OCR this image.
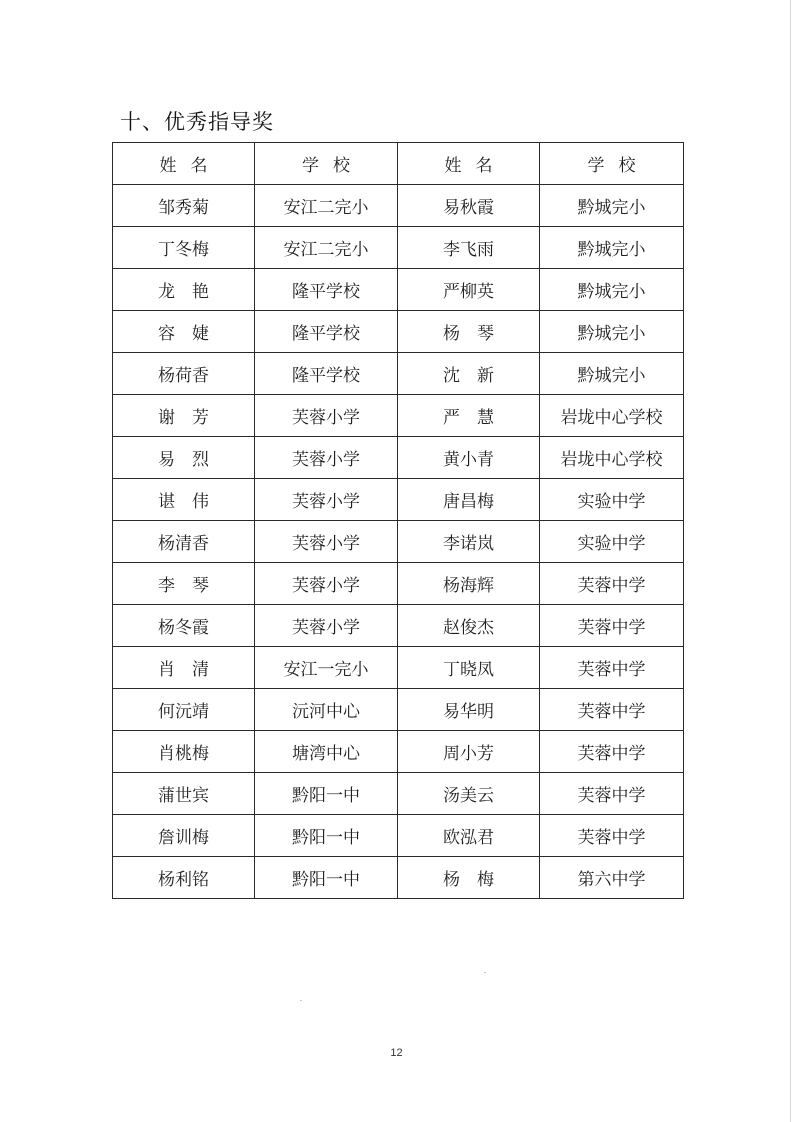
十、优秀指导奖
姓名	学校	姓名	学校
邹秀菊	安江二完小	易秋霞	黔城完小
丁冬梅	安江二完小	李飞雨	黔城完小
龙　艳	隆平学校	严柳英	黔城完小
容　婕	隆平学校	杨　琴	黔城完小
杨荷香	隆平学校	沈　新	黔城完小
谢　芳	芙蓉小学	严　慧	岩垅中心学校
易　烈	芙蓉小学	黄小青	岩垅中心学校
谌　伟	芙蓉小学	唐昌梅	实验中学
杨清香	芙蓉小学	李诺岚	实验中学
李　琴	芙蓉小学	杨海辉	芙蓉中学
杨冬霞	芙蓉小学	赵俊杰	芙蓉中学
肖　清	安江一完小	丁晓凤	芙蓉中学
何沅靖	沅河中心	易华明	芙蓉中学
肖桃梅	塘湾中心	周小芳	芙蓉中学
蒲世宾	黔阳一中	汤美云	芙蓉中学
詹训梅	黔阳一中	欧泓君	芙蓉中学
杨利铭	黔阳一中	杨　梅	第六中学
12
